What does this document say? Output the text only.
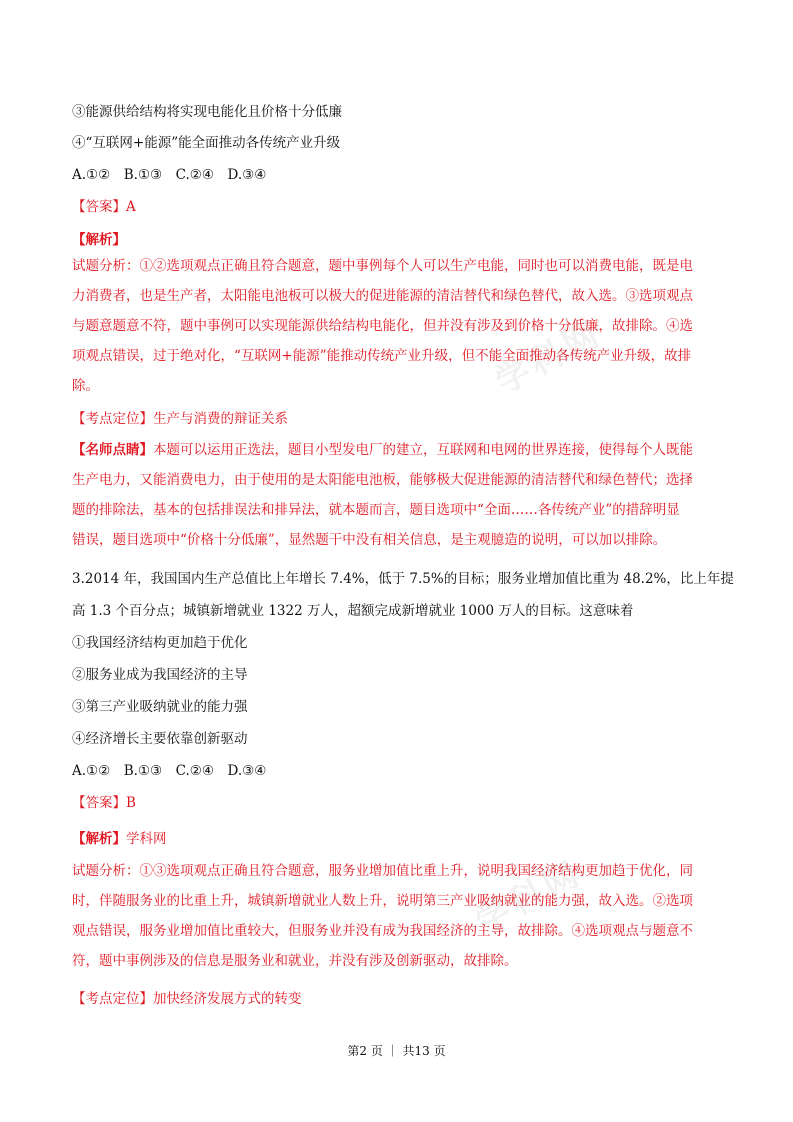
学科网
学科网
③能源供给结构将实现电能化且价格十分低廉
④“互联网+能源”能全面推动各传统产业升级
A.①②　B.①③　C.②④　D.③④
【答案】A
【解析】
试题分析：①②选项观点正确且符合题意，题中事例每个人可以生产电能，同时也可以消费电能，既是电
力消费者，也是生产者，太阳能电池板可以极大的促进能源的清洁替代和绿色替代，故入选。③选项观点
与题意题意不符，题中事例可以实现能源供给结构电能化，但并没有涉及到价格十分低廉，故排除。④选
项观点错误，过于绝对化，“互联网+能源”能推动传统产业升级，但不能全面推动各传统产业升级，故排
除。
【考点定位】生产与消费的辩证关系
【名师点睛】本题可以运用正选法，题目小型发电厂的建立，互联网和电网的世界连接，使得每个人既能
生产电力，又能消费电力，由于使用的是太阳能电池板，能够极大促进能源的清洁替代和绿色替代；选择
题的排除法，基本的包括排误法和排异法，就本题而言，题目选项中“全面……各传统产业”的措辞明显
错误，题目选项中“价格十分低廉”，显然题干中没有相关信息，是主观臆造的说明，可以加以排除。
3.2014 年，我国国内生产总值比上年增长 7.4%，低于 7.5%的目标；服务业增加值比重为 48.2%，比上年提
高 1.3 个百分点；城镇新增就业 1322 万人，超额完成新增就业 1000 万人的目标。这意味着
①我国经济结构更加趋于优化
②服务业成为我国经济的主导
③第三产业吸纳就业的能力强
④经济增长主要依靠创新驱动
A.①②　B.①③　C.②④　D.③④
【答案】B
【解析】学科网
试题分析：①③选项观点正确且符合题意，服务业增加值比重上升，说明我国经济结构更加趋于优化，同
时，伴随服务业的比重上升，城镇新增就业人数上升，说明第三产业吸纳就业的能力强，故入选。②选项
观点错误，服务业增加值比重较大，但服务业并没有成为我国经济的主导，故排除。④选项观点与题意不
符，题中事例涉及的信息是服务业和就业，并没有涉及创新驱动，故排除。
【考点定位】加快经济发展方式的转变
第2 页 ｜ 共13 页
